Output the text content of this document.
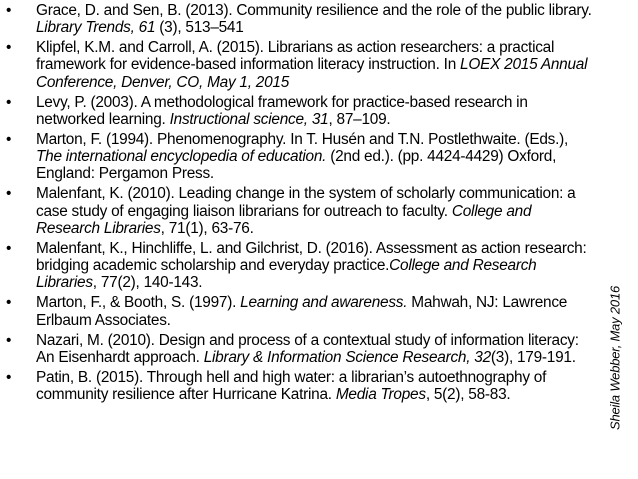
• Grace, D. and Sen, B. (2013). Community resilience and the role of the public library. Library Trends, 61 (3), 513–541
• Klipfel, K.M. and Carroll, A. (2015). Librarians as action researchers: a practical framework for evidence-based information literacy instruction. In LOEX 2015 Annual Conference, Denver, CO, May 1, 2015
• Levy, P. (2003). A methodological framework for practice-based research in networked learning. Instructional science, 31, 87–109.
• Marton, F. (1994). Phenomenography. In T. Husén and T.N. Postlethwaite. (Eds.), The international encyclopedia of education. (2nd ed.). (pp. 4424-4429) Oxford, England: Pergamon Press.
• Malenfant, K. (2010). Leading change in the system of scholarly communication: a case study of engaging liaison librarians for outreach to faculty. College and Research Libraries, 71(1), 63-76.
• Malenfant, K., Hinchliffe, L. and Gilchrist, D. (2016). Assessment as action research: bridging academic scholarship and everyday practice.College and Research Libraries, 77(2), 140-143.
• Marton, F., & Booth, S. (1997). Learning and awareness. Mahwah, NJ: Lawrence Erlbaum Associates.
• Nazari, M. (2010). Design and process of a contextual study of information literacy: An Eisenhardt approach. Library & Information Science Research, 32(3), 179-191.
• Patin, B. (2015). Through hell and high water: a librarian’s autoethnography of community resilience after Hurricane Katrina. Media Tropes, 5(2), 58-83.	Sheila Webber, May 2016
